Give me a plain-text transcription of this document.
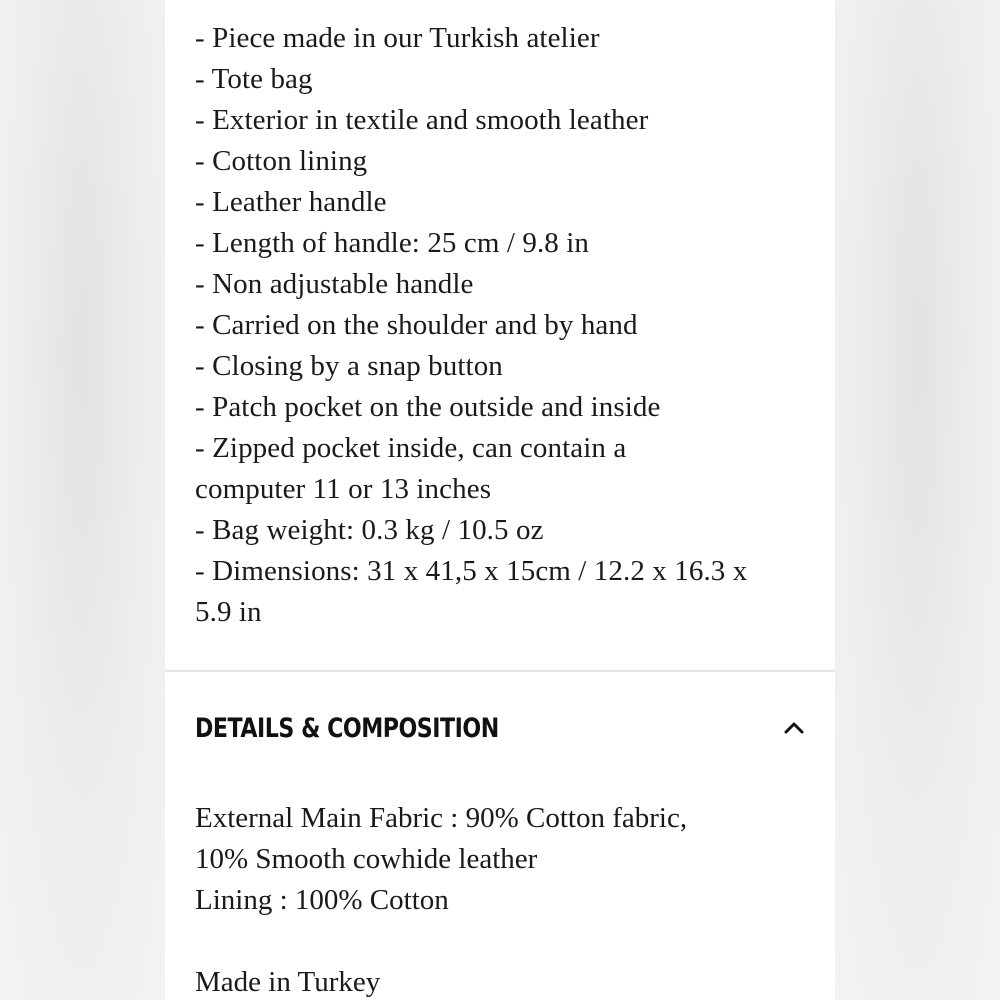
- Piece made in our Turkish atelier
- Tote bag
- Exterior in textile and smooth leather
- Cotton lining
- Leather handle
- Length of handle: 25 cm / 9.8 in
- Non adjustable handle
- Carried on the shoulder and by hand
- Closing by a snap button
- Patch pocket on the outside and inside
- Zipped pocket inside, can contain a
computer 11 or 13 inches
- Bag weight: 0.3 kg / 10.5 oz
- Dimensions: 31 x 41,5 x 15cm / 12.2 x 16.3 x
5.9 in
DETAILS & COMPOSITION
External Main Fabric : 90% Cotton fabric,
10% Smooth cowhide leather
Lining : 100% Cotton
Made in Turkey
